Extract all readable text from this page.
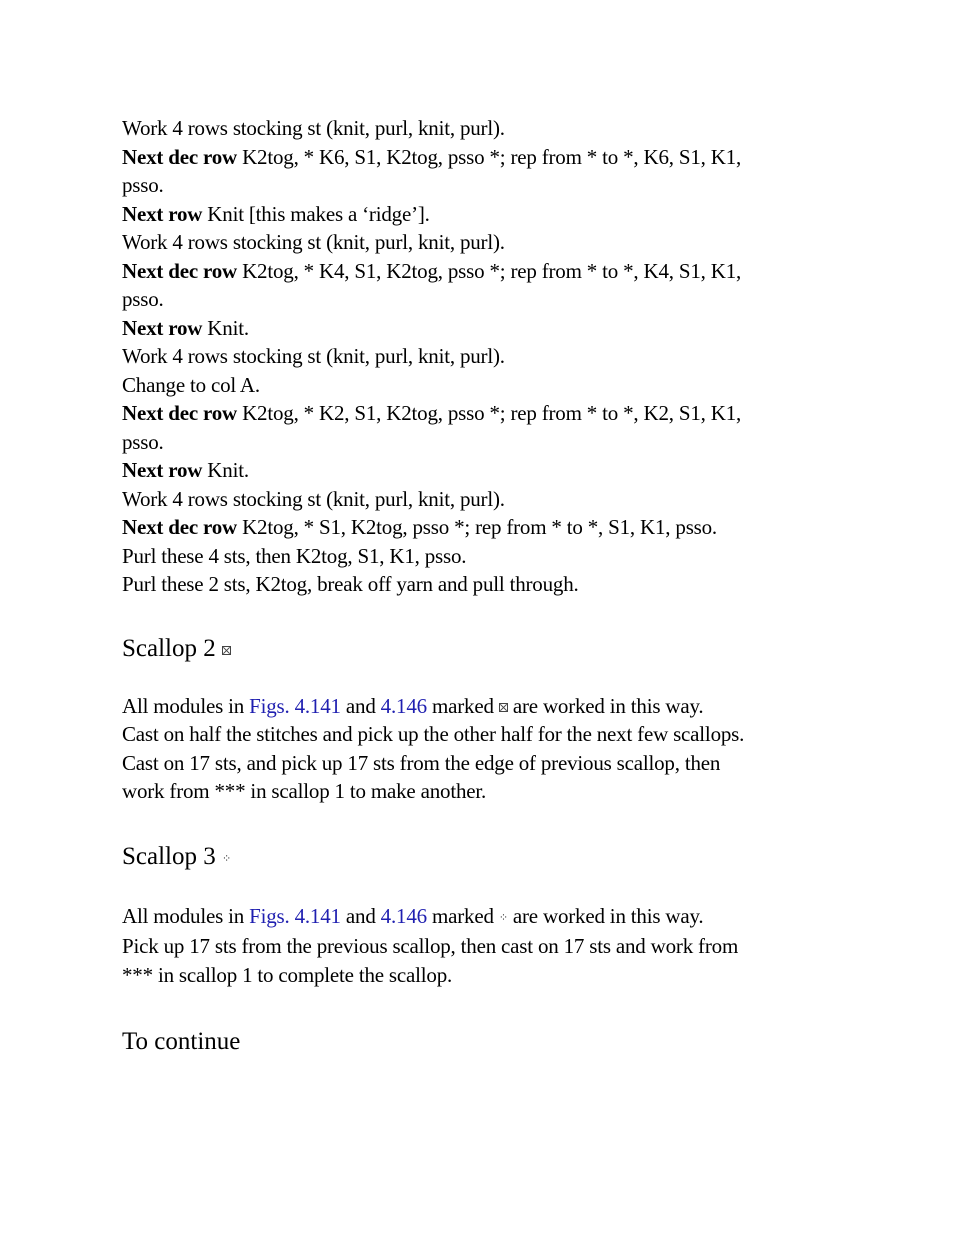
Work 4 rows stocking st (knit, purl, knit, purl).
Next dec row K2tog, * K6, S1, K2tog, psso *; rep from * to *, K6, S1, K1,
psso.
Next row Knit [this makes a ‘ridge’].
Work 4 rows stocking st (knit, purl, knit, purl).
Next dec row K2tog, * K4, S1, K2tog, psso *; rep from * to *, K4, S1, K1,
psso.
Next row Knit.
Work 4 rows stocking st (knit, purl, knit, purl).
Change to col A.
Next dec row K2tog, * K2, S1, K2tog, psso *; rep from * to *, K2, S1, K1,
psso.
Next row Knit.
Work 4 rows stocking st (knit, purl, knit, purl).
Next dec row K2tog, * S1, K2tog, psso *; rep from * to *, S1, K1, psso.
Purl these 4 sts, then K2tog, S1, K1, psso.
Purl these 2 sts, K2tog, break off yarn and pull through.
Scallop 2
All modules in Figs. 4.141 and 4.146 marked  are worked in this way.
Cast on half the stitches and pick up the other half for the next few scallops.
Cast on 17 sts, and pick up 17 sts from the edge of previous scallop, then
work from *** in scallop 1 to make another.
Scallop 3 ⁘
All modules in Figs. 4.141 and 4.146 marked ⁘ are worked in this way.
Pick up 17 sts from the previous scallop, then cast on 17 sts and work from
*** in scallop 1 to complete the scallop.
To continue
